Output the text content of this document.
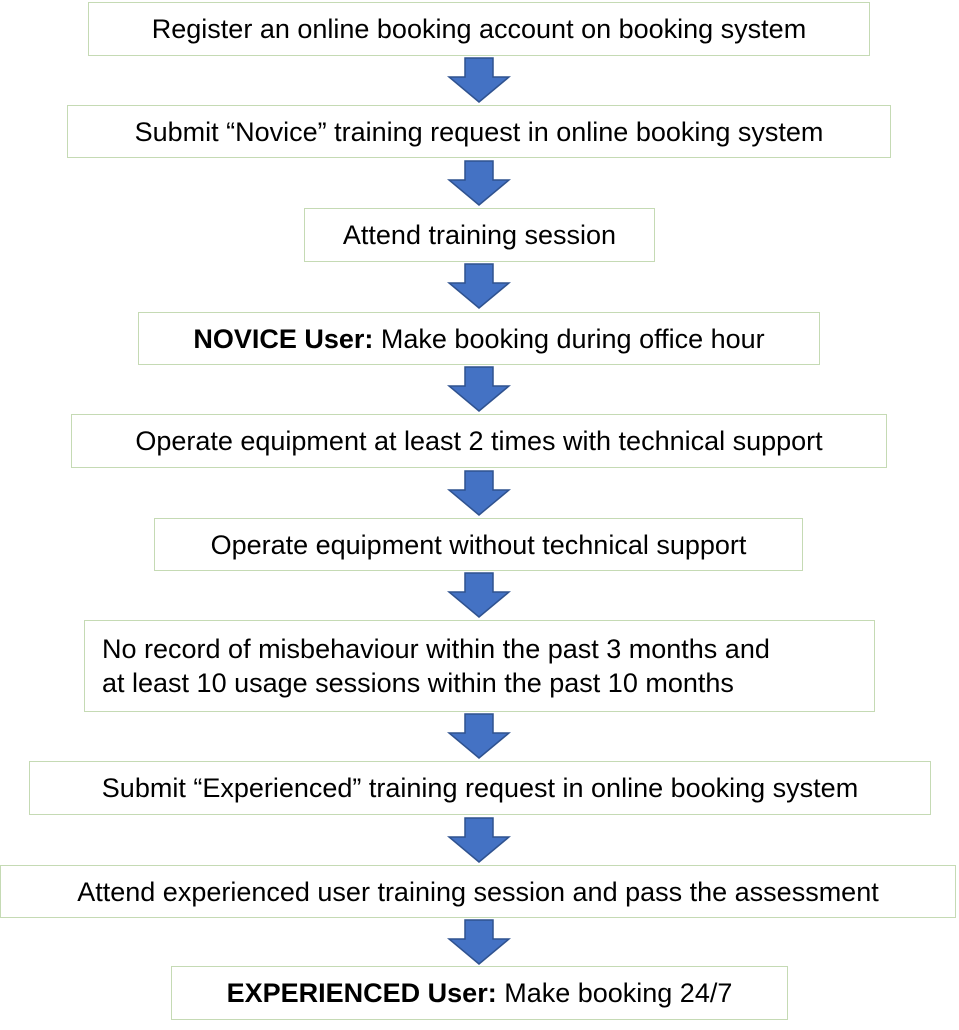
Register an online booking account on booking system
Submit “Novice” training request in online booking system
Attend training session
NOVICE User: Make booking during office hour
Operate equipment at least 2 times with technical support
Operate equipment without technical support
No record of misbehaviour within the past 3 months and
at least 10 usage sessions within the past 10 months
Submit “Experienced” training request in online booking system
Attend experienced user training session and pass the assessment
EXPERIENCED User: Make booking 24/7
